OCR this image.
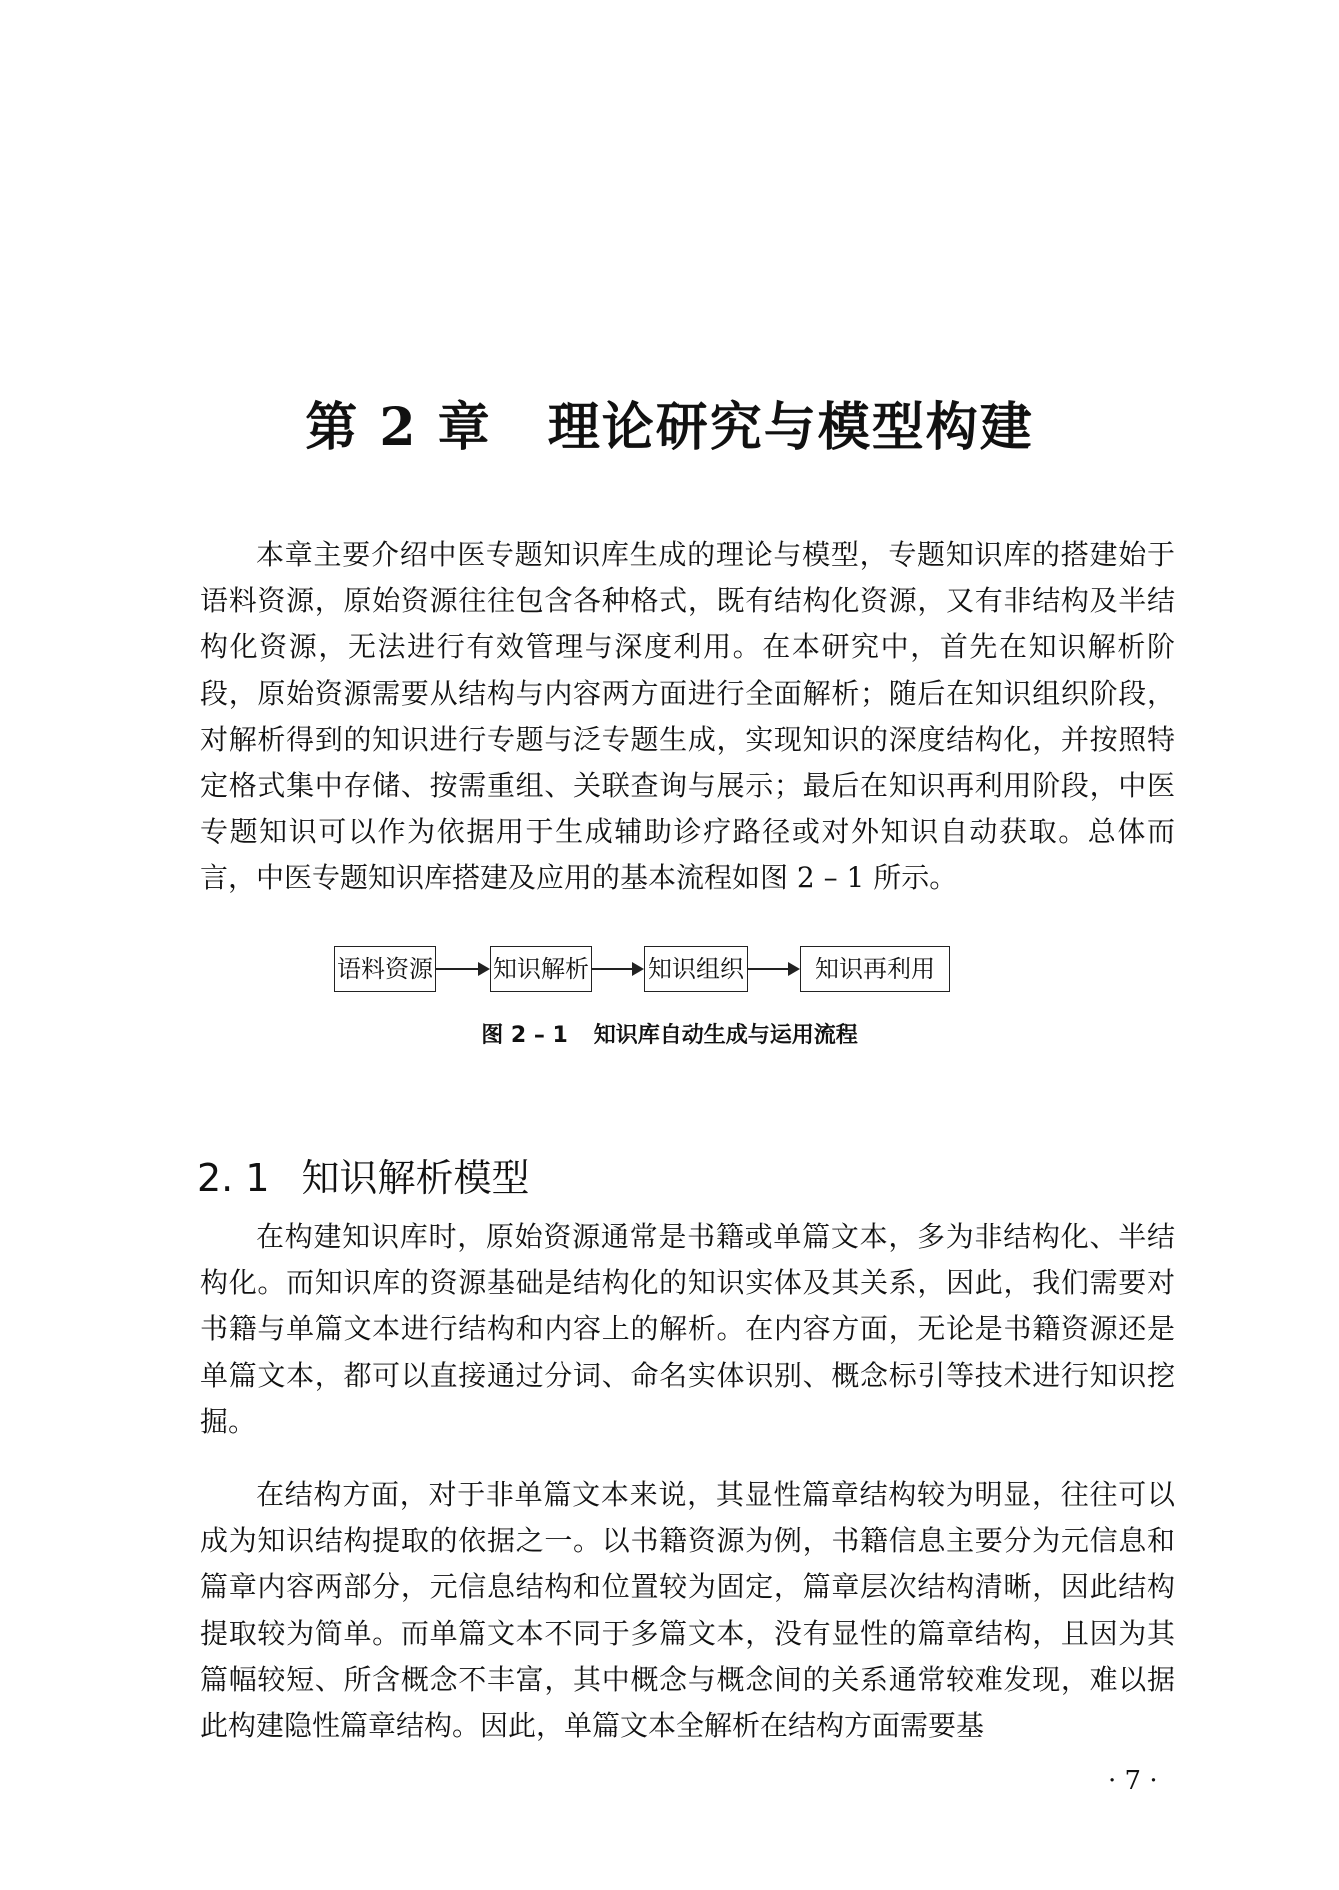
第 2 章 理论研究与模型构建

本章主要介绍中医专题知识库生成的理论与模型，专题知识库的搭建始于语料资源，原始资源往往包含各种格式，既有结构化资源，又有非结构及半结构化资源，无法进行有效管理与深度利用。在本研究中，首先在知识解析阶段，原始资源需要从结构与内容两方面进行全面解析；随后在知识组织阶段，对解析得到的知识进行专题与泛专题生成，实现知识的深度结构化，并按照特定格式集中存储、按需重组、关联查询与展示；最后在知识再利用阶段，中医专题知识可以作为依据用于生成辅助诊疗路径或对外知识自动获取。总体而言，中医专题知识库搭建及应用的基本流程如图 2 – 1 所示。

语料资源	知识解析 知识组织	知识再利用
图 2 – 1 知识库自动生成与运用流程
2. 1 知识解析模型

在构建知识库时，原始资源通常是书籍或单篇文本，多为非结构化、半结构化。而知识库的资源基础是结构化的知识实体及其关系，因此，我们需要对书籍与单篇文本进行结构和内容上的解析。在内容方面，无论是书籍资源还是单篇文本，都可以直接通过分词、命名实体识别、概念标引等技术进行知识挖掘。

在结构方面，对于非单篇文本来说，其显性篇章结构较为明显，往往可以成为知识结构提取的依据之一。以书籍资源为例，书籍信息主要分为元信息和篇章内容两部分，元信息结构和位置较为固定，篇章层次结构清晰，因此结构提取较为简单。而单篇文本不同于多篇文本，没有显性的篇章结构，且因为其篇幅较短、所含概念不丰富，其中概念与概念间的关系通常较难发现，难以据此构建隐性篇章结构。因此，单篇文本全解析在结构方面需要基

· 7 ·
